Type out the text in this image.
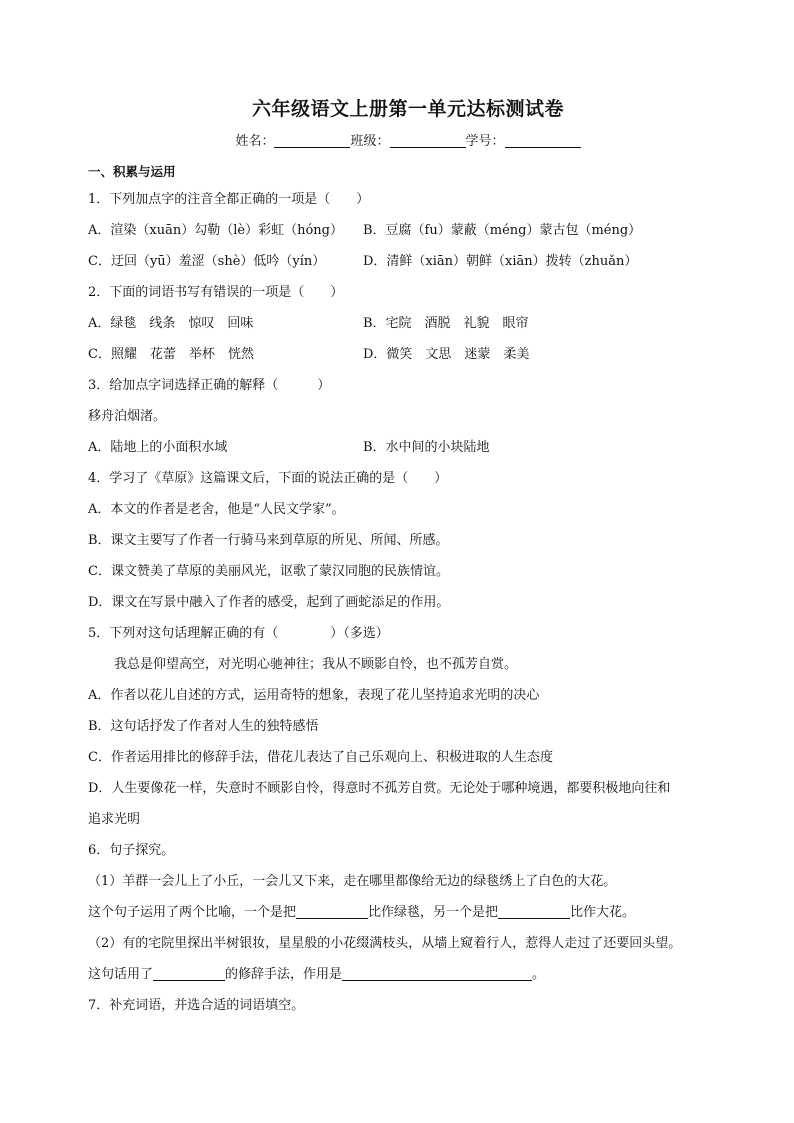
六年级语文上册第一单元达标测试卷
姓名：	班级：	学号：
一、积累与运用
1．下列加点字的注音全都正确的一项是（　　）
A．渲染（xuān）勾勒（lè）彩虹（hóng）	B．豆腐（fu）蒙蔽（méng）蒙古包（méng）
C．迂回（yū）羞涩（shè）低吟（yín）	D．清鲜（xiān）朝鲜（xiān）拨转（zhuǎn）
2．下面的词语书写有错误的一项是（　　）
A．绿毯　线条　惊叹　回味	B．宅院　酒脱　礼貌　眼帘
C．照耀　花蕾　举杯　恍然	D．微笑　文思　迷蒙　柔美
3．给加点字词选择正确的解释（　　　）
移舟泊烟渚。
A．陆地上的小面积水域	B．水中间的小块陆地
4．学习了《草原》这篇课文后，下面的说法正确的是（　　）
A．本文的作者是老舍，他是“人民文学家”。
B．课文主要写了作者一行骑马来到草原的所见、所闻、所感。
C．课文赞美了草原的美丽风光，讴歌了蒙汉同胞的民族情谊。
D．课文在写景中融入了作者的感受，起到了画蛇添足的作用。
5．下列对这句话理解正确的有（　　　　）（多选）
我总是仰望高空，对光明心驰神往；我从不顾影自怜，也不孤芳自赏。
A．作者以花儿自述的方式，运用奇特的想象，表现了花儿坚持追求光明的决心
B．这句话抒发了作者对人生的独特感悟
C．作者运用排比的修辞手法，借花儿表达了自己乐观向上、积极进取的人生态度
D．人生要像花一样，失意时不顾影自怜，得意时不孤芳自赏。无论处于哪种境遇，都要积极地向往和
追求光明
6．句子探究。
（1）羊群一会儿上了小丘，一会儿又下来，走在哪里都像给无边的绿毯绣上了白色的大花。
这个句子运用了两个比喻，一个是把	比作绿毯，另一个是把	比作大花。
（2）有的宅院里探出半树银妆，星星般的小花缀满枝头，从墙上窥着行人，惹得人走过了还要回头望。
这句话用了	的修辞手法，作用是	。
7．补充词语，并选合适的词语填空。
